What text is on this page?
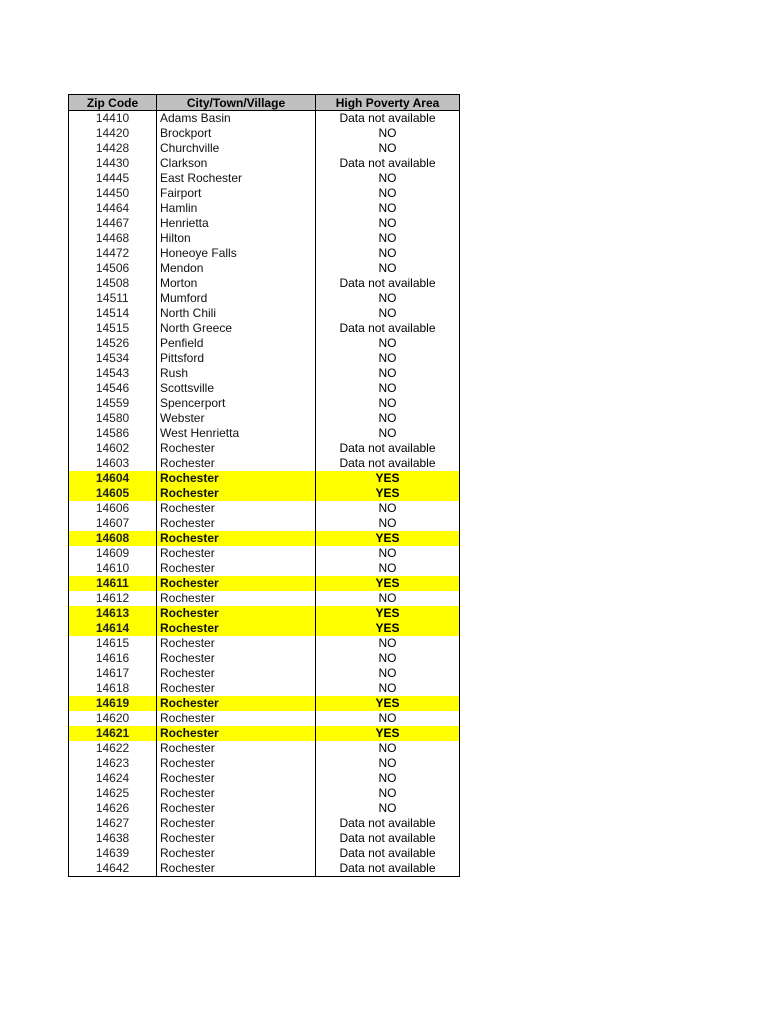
Zip Code	City/Town/Village	High Poverty Area
14410	Adams Basin	Data not available
14420	Brockport	NO
14428	Churchville	NO
14430	Clarkson	Data not available
14445	East Rochester	NO
14450	Fairport	NO
14464	Hamlin	NO
14467	Henrietta	NO
14468	Hilton	NO
14472	Honeoye Falls	NO
14506	Mendon	NO
14508	Morton	Data not available
14511	Mumford	NO
14514	North Chili	NO
14515	North Greece	Data not available
14526	Penfield	NO
14534	Pittsford	NO
14543	Rush	NO
14546	Scottsville	NO
14559	Spencerport	NO
14580	Webster	NO
14586	West Henrietta	NO
14602	Rochester	Data not available
14603	Rochester	Data not available
14604	Rochester	YES
14605	Rochester	YES
14606	Rochester	NO
14607	Rochester	NO
14608	Rochester	YES
14609	Rochester	NO
14610	Rochester	NO
14611	Rochester	YES
14612	Rochester	NO
14613	Rochester	YES
14614	Rochester	YES
14615	Rochester	NO
14616	Rochester	NO
14617	Rochester	NO
14618	Rochester	NO
14619	Rochester	YES
14620	Rochester	NO
14621	Rochester	YES
14622	Rochester	NO
14623	Rochester	NO
14624	Rochester	NO
14625	Rochester	NO
14626	Rochester	NO
14627	Rochester	Data not available
14638	Rochester	Data not available
14639	Rochester	Data not available
14642	Rochester	Data not available
